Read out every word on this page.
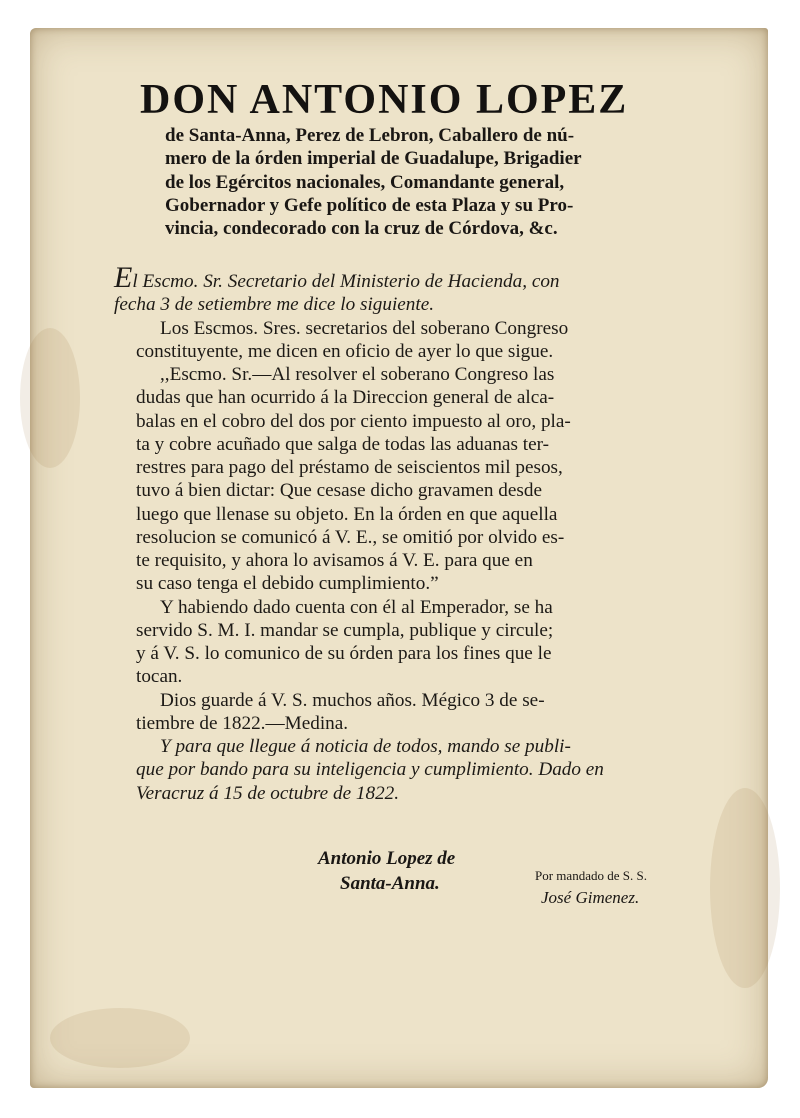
DON ANTONIO LOPEZ
de Santa-Anna, Perez de Lebron, Caballero de nú-
mero de la órden imperial de Guadalupe, Brigadier
de los Egércitos nacionales, Comandante general,
Gobernador y Gefe político de esta Plaza y su Pro-
vincia, condecorado con la cruz de Córdova, &c.
El Escmo. Sr. Secretario del Ministerio de Hacienda, con
fecha 3 de setiembre me dice lo siguiente.
Los Escmos. Sres. secretarios del soberano Congreso
constituyente, me dicen en oficio de ayer lo que sigue.
,,Escmo. Sr.—Al resolver el soberano Congreso las
dudas que han ocurrido á la Direccion general de alca-
balas en el cobro del dos por ciento impuesto al oro, pla-
ta y cobre acuñado que salga de todas las aduanas ter-
restres para pago del préstamo de seiscientos mil pesos,
tuvo á bien dictar: Que cesase dicho gravamen desde
luego que llenase su objeto. En la órden en que aquella
resolucion se comunicó á V. E., se omitió por olvido es-
te requisito, y ahora lo avisamos á V. E. para que en
su caso tenga el debido cumplimiento.”
Y habiendo dado cuenta con él al Emperador, se ha
servido S. M. I. mandar se cumpla, publique y circule;
y á V. S. lo comunico de su órden para los fines que le
tocan.
Dios guarde á V. S. muchos años. Mégico 3 de se-
tiembre de 1822.—Medina.
Y para que llegue á noticia de todos, mando se publi-
que por bando para su inteligencia y cumplimiento. Dado en
Veracruz á 15 de octubre de 1822.
Antonio Lopez de
Santa-Anna.	Por mandado de S. S.
José Gimenez.
